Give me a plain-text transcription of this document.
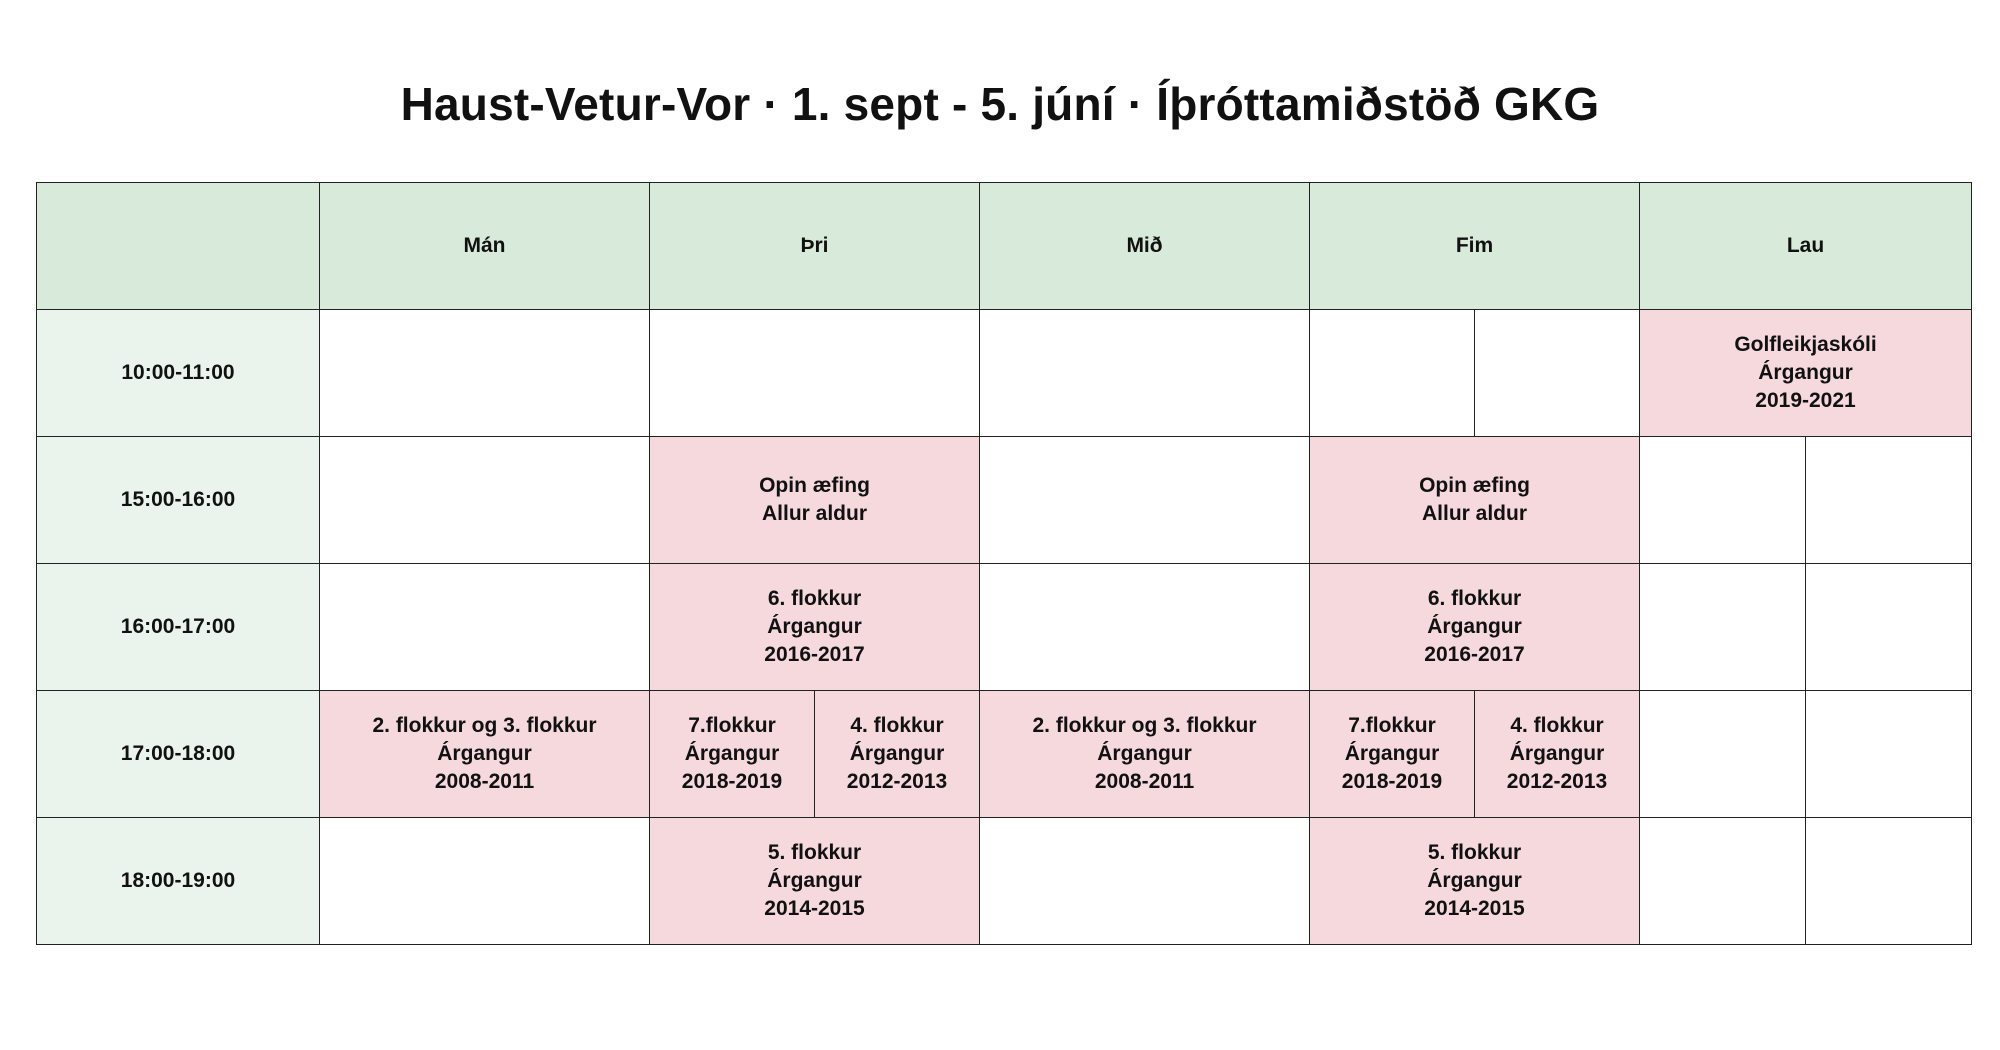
Haust-Vetur-Vor · 1. sept - 5. júní · Íþróttamiðstöð GKG
	Mán	Þri		Mið	Fim		Lau	
10:00-11:00							Golfleikjaskóli
Árgangur
2019-2021	

15:00-16:00		Opin æfing
Allur aldur			Opin æfing
Allur aldur			

16:00-17:00		6. flokkur
Árgangur
2016-2017			6. flokkur
Árgangur
2016-2017			

17:00-18:00	2. flokkur og 3. flokkur
Árgangur
2008-2011	7.flokkur
Árgangur
2018-2019	4. flokkur
Árgangur
2012-2013	2. flokkur og 3. flokkur
Árgangur
2008-2011	7.flokkur
Árgangur
2018-2019	4. flokkur
Árgangur
2012-2013		

18:00-19:00		5. flokkur
Árgangur
2014-2015			5. flokkur
Árgangur
2014-2015			
